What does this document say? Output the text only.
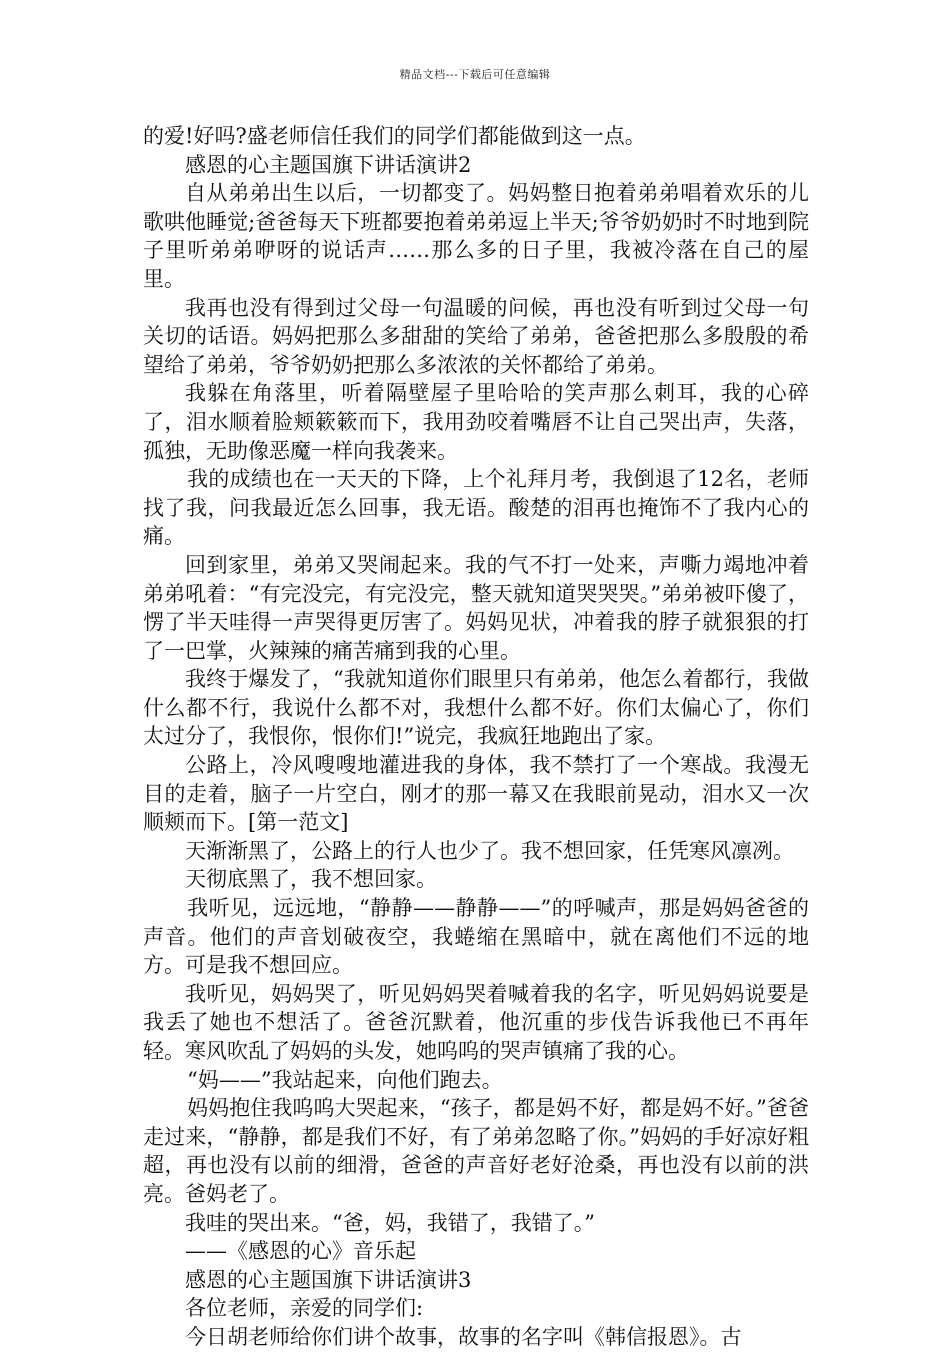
精品文档---下载后可任意编辑

的爱!好吗?盛老师信任我们的同学们都能做到这一点。

感恩的心主题国旗下讲话演讲2

自从弟弟出生以后，一切都变了。妈妈整日抱着弟弟唱着欢乐的儿歌哄他睡觉;爸爸每天下班都要抱着弟弟逗上半天;爷爷奶奶时不时地到院子里听弟弟咿呀的说话声……那么多的日子里，我被冷落在自己的屋里。

我再也没有得到过父母一句温暖的问候，再也没有听到过父母一句关切的话语。妈妈把那么多甜甜的笑给了弟弟，爸爸把那么多殷殷的希望给了弟弟，爷爷奶奶把那么多浓浓的关怀都给了弟弟。

我躲在角落里，听着隔壁屋子里哈哈的笑声那么刺耳，我的心碎了，泪水顺着脸颊簌簌而下，我用劲咬着嘴唇不让自己哭出声，失落，孤独，无助像恶魔一样向我袭来。

我的成绩也在一天天的下降，上个礼拜月考，我倒退了12名，老师找了我，问我最近怎么回事，我无语。酸楚的泪再也掩饰不了我内心的痛。

回到家里，弟弟又哭闹起来。我的气不打一处来，声嘶力竭地冲着弟弟吼着：“有完没完，有完没完，整天就知道哭哭哭。”弟弟被吓傻了，愣了半天哇得一声哭得更厉害了。妈妈见状，冲着我的脖子就狠狠的打了一巴掌，火辣辣的痛苦痛到我的心里。

我终于爆发了，“我就知道你们眼里只有弟弟，他怎么着都行，我做什么都不行，我说什么都不对，我想什么都不好。你们太偏心了，你们太过分了，我恨你，恨你们!”说完，我疯狂地跑出了家。

公路上，冷风嗖嗖地灌进我的身体，我不禁打了一个寒战。我漫无目的走着，脑子一片空白，刚才的那一幕又在我眼前晃动，泪水又一次顺颊而下。[第一范文]

天渐渐黑了，公路上的行人也少了。我不想回家，任凭寒风凛冽。

天彻底黑了，我不想回家。

我听见，远远地，“静静——静静——”的呼喊声，那是妈妈爸爸的声音。他们的声音划破夜空，我蜷缩在黑暗中，就在离他们不远的地方。可是我不想回应。

我听见，妈妈哭了，听见妈妈哭着喊着我的名字，听见妈妈说要是我丢了她也不想活了。爸爸沉默着，他沉重的步伐告诉我他已不再年轻。寒风吹乱了妈妈的头发，她呜呜的哭声镇痛了我的心。

“妈——”我站起来，向他们跑去。

妈妈抱住我呜呜大哭起来，“孩子，都是妈不好，都是妈不好。”爸爸走过来，“静静，都是我们不好，有了弟弟忽略了你。”妈妈的手好凉好粗超，再也没有以前的细滑，爸爸的声音好老好沧桑，再也没有以前的洪亮。爸妈老了。

我哇的哭出来。“爸，妈，我错了，我错了。”

——《感恩的心》音乐起

感恩的心主题国旗下讲话演讲3

各位老师，亲爱的同学们:

今日胡老师给你们讲个故事，故事的名字叫《韩信报恩》。古
